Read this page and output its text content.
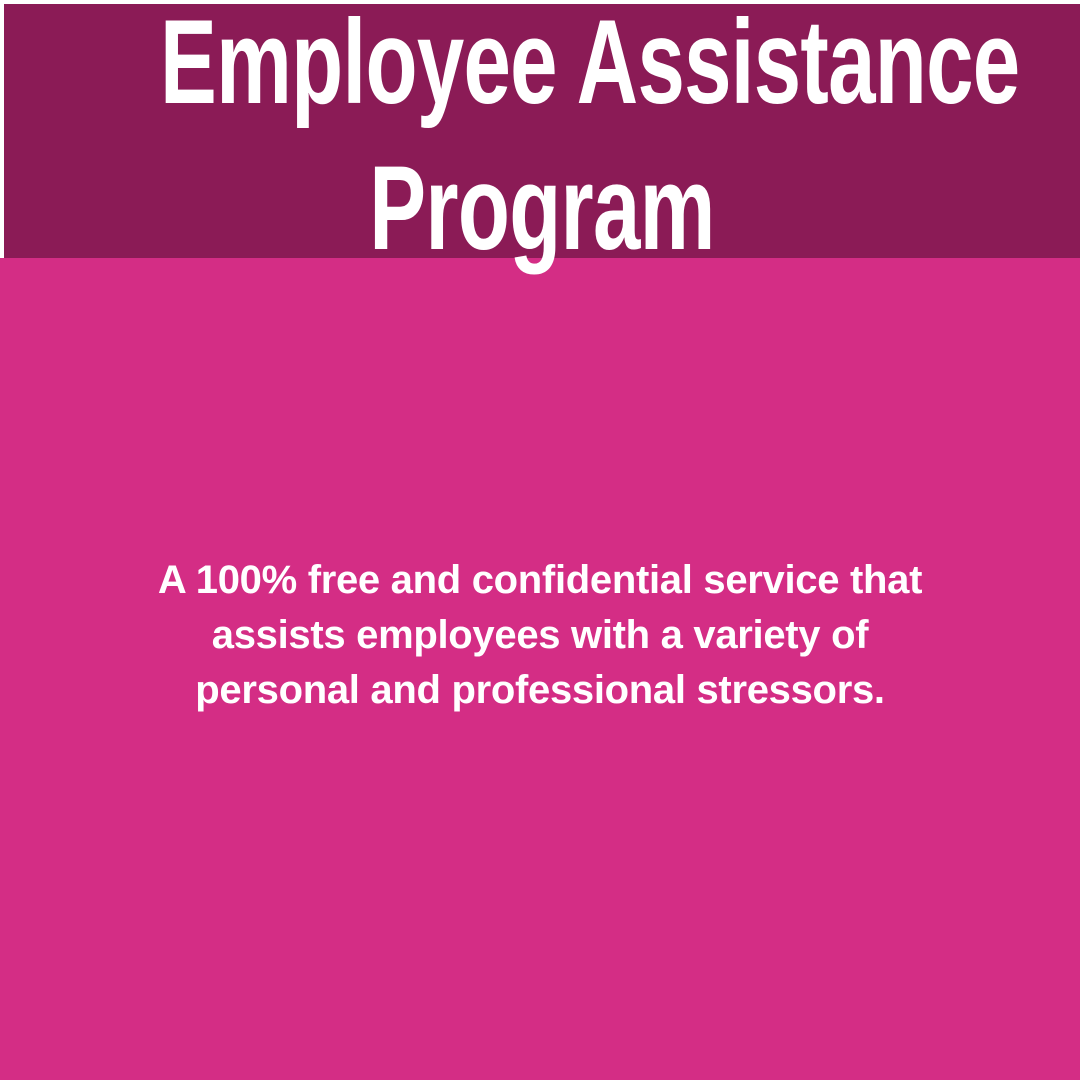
Employee Assistance
Program

A 100% free and confidential service that
assists employees with a variety of
personal and professional stressors.
